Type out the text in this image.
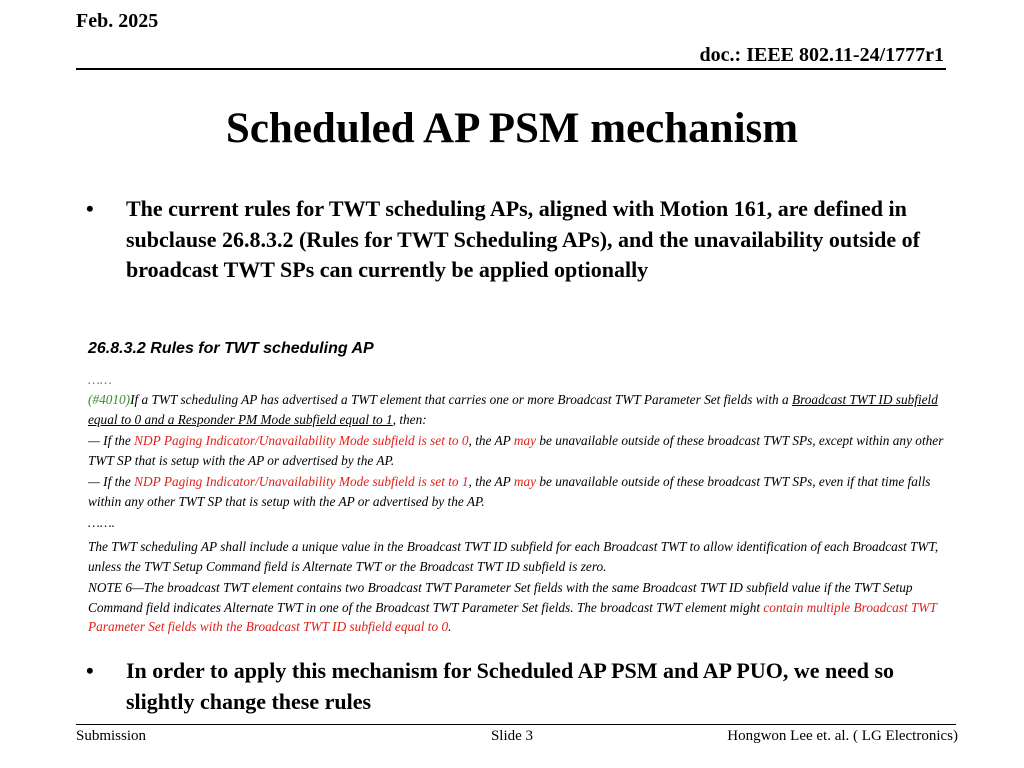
Feb. 2025
doc.: IEEE 802.11-24/1777r1
Scheduled AP PSM mechanism
• The current rules for TWT scheduling APs, aligned with Motion 161, are defined in subclause 26.8.3.2 (Rules for TWT Scheduling APs), and the unavailability outside of broadcast TWT SPs can currently be applied optionally
26.8.3.2 Rules for TWT scheduling AP
……
(#4010)If a TWT scheduling AP has advertised a TWT element that carries one or more Broadcast TWT Parameter Set fields with a Broadcast TWT ID subfield equal to 0 and a Responder PM Mode subfield equal to 1, then:
— If the NDP Paging Indicator/Unavailability Mode subfield is set to 0, the AP may be unavailable outside of these broadcast TWT SPs, except within any other TWT SP that is setup with the AP or advertised by the AP.
— If the NDP Paging Indicator/Unavailability Mode subfield is set to 1, the AP may be unavailable outside of these broadcast TWT SPs, even if that time falls within any other TWT SP that is setup with the AP or advertised by the AP.
…….
The TWT scheduling AP shall include a unique value in the Broadcast TWT ID subfield for each Broadcast TWT to allow identification of each Broadcast TWT, unless the TWT Setup Command field is Alternate TWT or the Broadcast TWT ID subfield is zero.
NOTE 6—The broadcast TWT element contains two Broadcast TWT Parameter Set fields with the same Broadcast TWT ID subfield value if the TWT Setup Command field indicates Alternate TWT in one of the Broadcast TWT Parameter Set fields. The broadcast TWT element might contain multiple Broadcast TWT Parameter Set fields with the Broadcast TWT ID subfield equal to 0.
• In order to apply this mechanism for Scheduled AP PSM and AP PUO, we need so slightly change these rules
Submission	Slide 3	Hongwon Lee et. al. ( LG Electronics)
